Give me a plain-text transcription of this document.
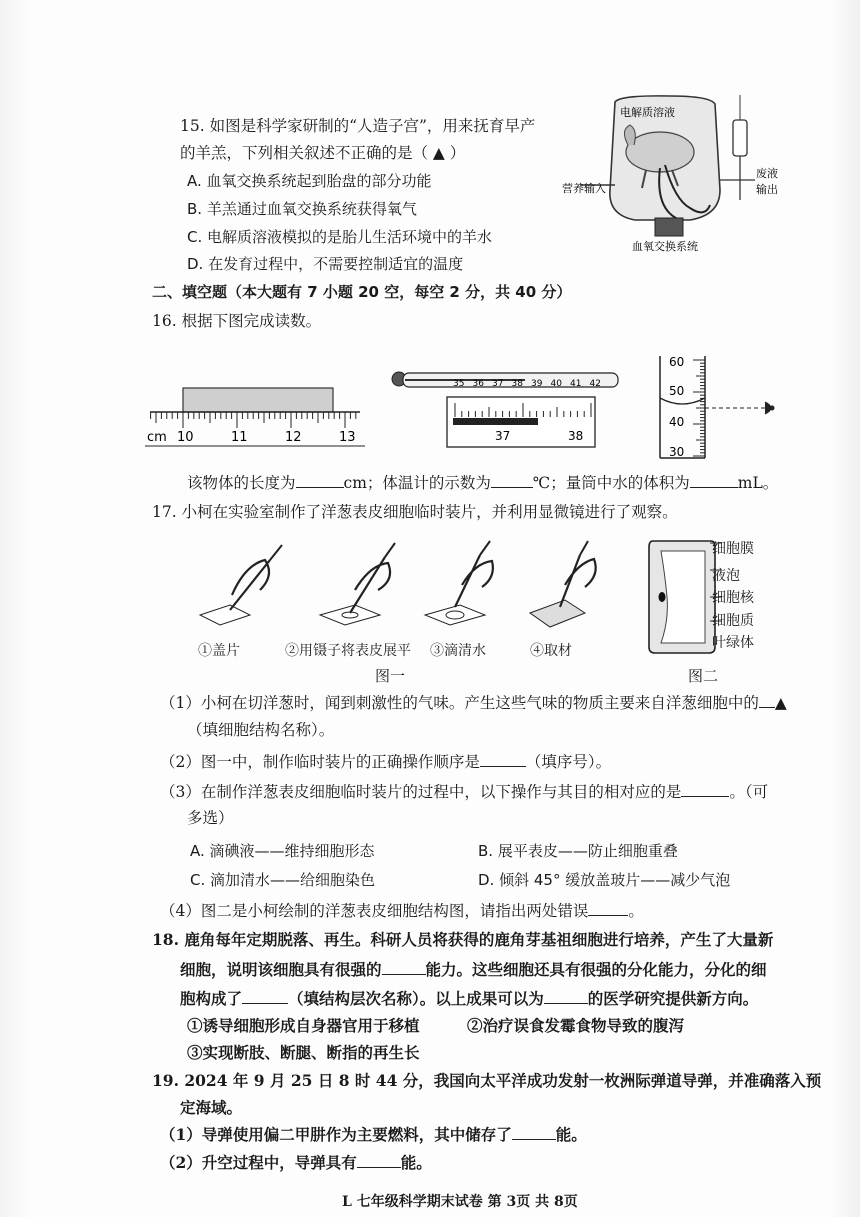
15. 如图是科学家研制的“人造子宫”，用来抚育早产
的羊羔，下列相关叙述不正确的是（ ▲ ）
A. 血氧交换系统起到胎盘的部分功能
B. 羊羔通过血氧交换系统获得氧气
C. 电解质溶液模拟的是胎儿生活环境中的羊水
D. 在发育过程中，不需要控制适宜的温度
电解质溶液
营养输入
废液
输出
血氧交换系统
二、填空题（本大题有 7 小题 20 空，每空 2 分，共 40 分）
16. 根据下图完成读数。
cm 10	11	12	13
35 36 37 38 39 40 41 42
37	38
60
50
40
30
该物体的长度为	cm；体温计的示数为	℃；量筒中水的体积为	mL。
17. 小柯在实验室制作了洋葱表皮细胞临时装片，并利用显微镜进行了观察。
①盖片	②用镊子将表皮展平 ③滴清水	④取材
图一
细胞膜
液泡
细胞核
细胞质
叶绿体
图二
（1）小柯在切洋葱时，闻到刺激性的气味。产生这些气味的物质主要来自洋葱细胞中的 ▲
（填细胞结构名称）。
（2）图一中，制作临时装片的正确操作顺序是	（填序号）。
（3）在制作洋葱表皮细胞临时装片的过程中，以下操作与其目的相对应的是	。（可
多选）
A. 滴碘液——维持细胞形态	B. 展平表皮——防止细胞重叠
C. 滴加清水——给细胞染色	D. 倾斜 45° 缓放盖玻片——减少气泡
（4）图二是小柯绘制的洋葱表皮细胞结构图，请指出两处错误	。
18. 鹿角每年定期脱落、再生。科研人员将获得的鹿角芽基祖细胞进行培养，产生了大量新
细胞，说明该细胞具有很强的	能力。这些细胞还具有很强的分化能力，分化的细
胞构成了	（填结构层次名称）。以上成果可以为	的医学研究提供新方向。
①诱导细胞形成自身器官用于移植	②治疗误食发霉食物导致的腹泻
③实现断肢、断腿、断指的再生长
19. 2024 年 9 月 25 日 8 时 44 分，我国向太平洋成功发射一枚洲际弹道导弹，并准确落入预
定海域。
（1）导弹使用偏二甲肼作为主要燃料，其中储存了	能。
（2）升空过程中，导弹具有	能。
L 七年级科学期末试卷 第 3页 共 8页
